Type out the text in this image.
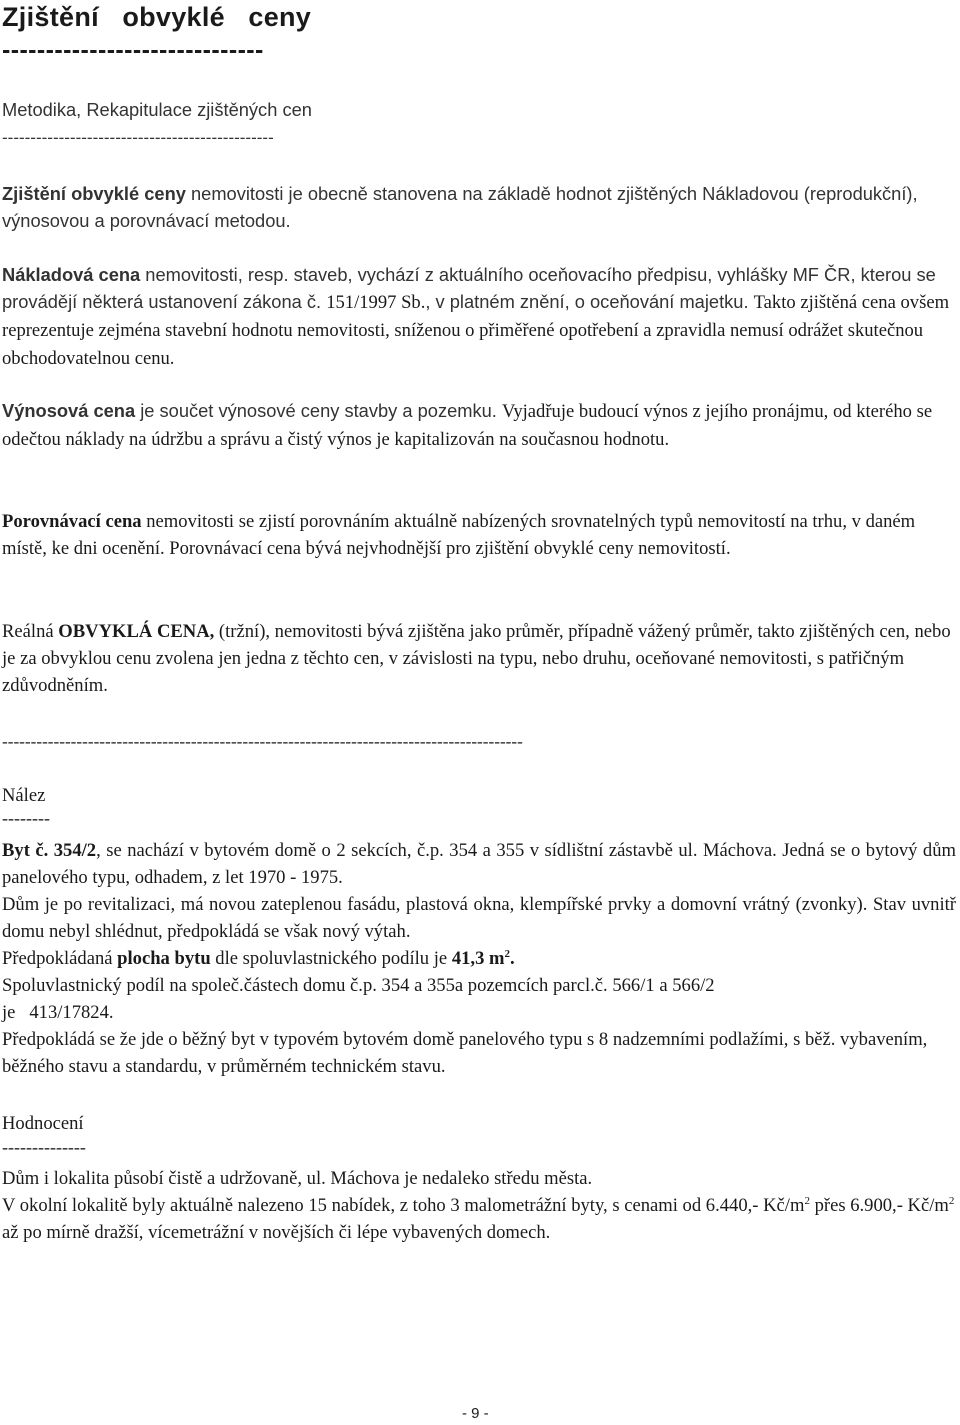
Zjištění   obvyklé   ceny
------------------------------
Metodika, Rekapitulace zjištěných cen
------------------------------------------------
Zjištění obvyklé ceny nemovitosti je obecně stanovena na základě hodnot zjištěných Nákladovou (reprodukční), výnosovou a porovnávací metodou.
Nákladová cena nemovitosti, resp. staveb, vychází z aktuálního oceňovacího předpisu, vyhlášky MF ČR, kterou se provádějí některá ustanovení zákona č. 151/1997 Sb., v platném znění, o oceňování majetku. Takto zjištěná cena ovšem reprezentuje zejména stavební hodnotu nemovitosti, sníženou o přiměřené opotřebení a zpravidla nemusí odrážet skutečnou obchodovatelnou cenu.
Výnosová cena je součet výnosové ceny stavby a pozemku. Vyjadřuje budoucí výnos z jejího pronájmu, od kterého se odečtou náklady na údržbu a správu a čistý výnos je kapitalizován na současnou hodnotu.
Porovnávací cena nemovitosti se zjistí porovnáním aktuálně nabízených srovnatelných typů nemovitostí na trhu, v daném místě, ke dni ocenění. Porovnávací cena bývá nejvhodnější pro zjištění obvyklé ceny nemovitostí.
Reálná OBVYKLÁ CENA, (tržní), nemovitosti bývá zjištěna jako průměr, případně vážený průměr, takto zjištěných cen, nebo je za obvyklou cenu zvolena jen jedna z těchto cen, v závislosti na typu, nebo druhu, oceňované nemovitosti, s patřičným zdůvodněním.
-------------------------------------------------------------------------------------------
Nález
--------
Byt č. 354/2, se nachází v bytovém domě o 2 sekcích, č.p. 354 a 355 v sídlištní zástavbě ul. Máchova. Jedná se o bytový dům panelového typu, odhadem, z let 1970 - 1975.
Dům je po revitalizaci, má novou zateplenou fasádu, plastová okna, klempířské prvky a domovní vrátný (zvonky). Stav uvnitř domu nebyl shlédnut, předpokládá se však nový výtah.
Předpokládaná plocha bytu dle spoluvlastnického podílu je 41,3 $m^2$.
Spoluvlastnický podíl na společ.částech domu č.p. 354 a 355a pozemcích parcl.č. 566/1 a 566/2
je   413/17824.
Předpokládá se že jde o běžný byt v typovém bytovém domě panelového typu s 8 nadzemními podlažími, s běž. vybavením, běžného stavu a standardu, v průměrném technickém stavu.
Hodnocení
--------------
Dům i lokalita působí čistě a udržovaně, ul. Máchova je nedaleko středu města.
V okolní lokalitě byly aktuálně nalezeno 15 nabídek, z toho 3 malometrážní byty, s cenami od 6.440,- $Kč/m^2$ přes 6.900,- $Kč/m^2$ až po mírně dražší, vícemetrážní v novějších či lépe vybavených domech.
- 9 -
